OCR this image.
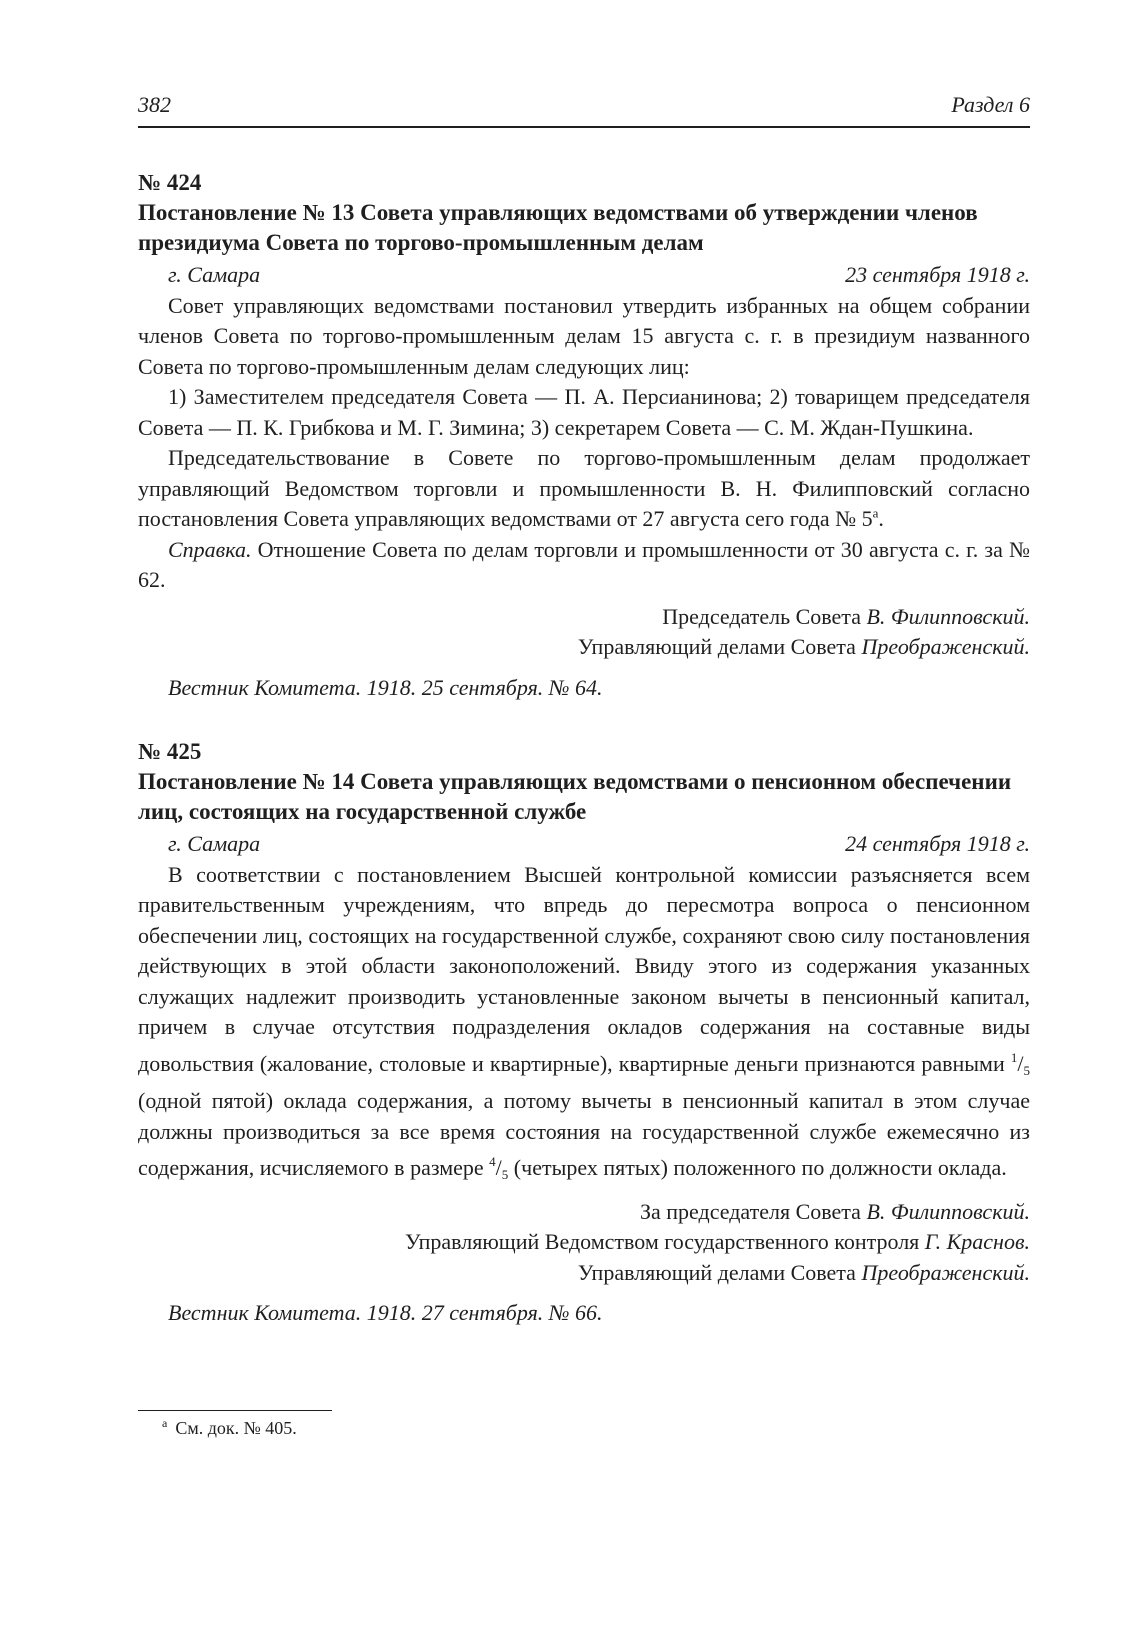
382	Раздел 6

№ 424

Постановление № 13 Совета управляющих ведомствами об утверждении членов президиума Совета по торгово-промышленным делам

г. Самара	23 сентября 1918 г.

Совет управляющих ведомствами постановил утвердить избранных на общем собрании членов Совета по торгово-промышленным делам 15 августа с. г. в президиум названного Совета по торгово-промышленным делам следующих лиц:

1) Заместителем председателя Совета — П. А. Персианинова; 2) товарищем председателя Совета — П. К. Грибкова и М. Г. Зимина; 3) секретарем Совета — С. М. Ждан-Пушкина.

Председательствование в Совете по торгово-промышленным делам продолжает управляющий Ведомством торговли и промышленности В. Н. Филипповский согласно постановления Совета управляющих ведомствами от 27 августа сего года № $5^а$.

Справка. Отношение Совета по делам торговли и промышленности от 30 августа с. г. за № 62.

Председатель Совета В. Филипповский.
Управляющий делами Совета Преображенский.

Вестник Комитета. 1918. 25 сентября. № 64.

№ 425

Постановление № 14 Совета управляющих ведомствами о пенсионном обеспечении лиц, состоящих на государственной службе

г. Самара	24 сентября 1918 г.

В соответствии с постановлением Высшей контрольной комиссии разъясняется всем правительственным учреждениям, что впредь до пересмотра вопроса о пенсионном обеспечении лиц, состоящих на государственной службе, сохраняют свою силу постановления действующих в этой области законоположений. Ввиду этого из содержания указанных служащих надлежит производить установленные законом вычеты в пенсионный капитал, причем в случае отсутствия подразделения окладов содержания на составные виды довольствия (жалование, столовые и квартирные), квартирные деньги признаются равными $^1$/5 (одной пятой) оклада содержания, а потому вычеты в пенсионный капитал в этом случае должны производиться за все время состояния на государственной службе ежемесячно из содержания, исчисляемого в размере $^4$/5 (четырех пятых) положенного по должности оклада.

За председателя Совета В. Филипповский.
Управляющий Ведомством государственного контроля Г. Краснов.
Управляющий делами Совета Преображенский.

Вестник Комитета. 1918. 27 сентября. № 66.

$^а$ См. док. № 405.
